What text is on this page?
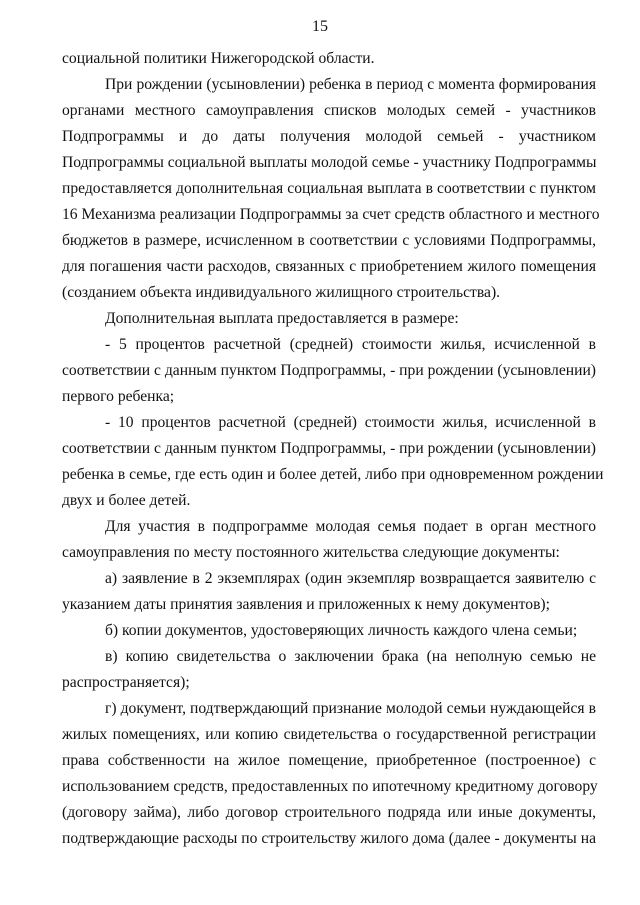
15
социальной политики Нижегородской области.
При рождении (усыновлении) ребенка в период с момента формирования
органами местного самоуправления списков молодых семей - участников
Подпрограммы и до даты получения молодой семьей - участником
Подпрограммы социальной выплаты молодой семье - участнику Подпрограммы
предоставляется дополнительная социальная выплата в соответствии с пунктом
16 Механизма реализации Подпрограммы за счет средств областного и местного
бюджетов в размере, исчисленном в соответствии с условиями Подпрограммы,
для погашения части расходов, связанных с приобретением жилого помещения
(созданием объекта индивидуального жилищного строительства).
Дополнительная выплата предоставляется в размере:
- 5 процентов расчетной (средней) стоимости жилья, исчисленной в
соответствии с данным пунктом Подпрограммы, - при рождении (усыновлении)
первого ребенка;
- 10 процентов расчетной (средней) стоимости жилья, исчисленной в
соответствии с данным пунктом Подпрограммы, - при рождении (усыновлении)
ребенка в семье, где есть один и более детей, либо при одновременном рождении
двух и более детей.
Для участия в подпрограмме молодая семья подает в орган местного
самоуправления по месту постоянного жительства следующие документы:
а) заявление в 2 экземплярах (один экземпляр возвращается заявителю с
указанием даты принятия заявления и приложенных к нему документов);
б) копии документов, удостоверяющих личность каждого члена семьи;
в) копию свидетельства о заключении брака (на неполную семью не
распространяется);
г) документ, подтверждающий признание молодой семьи нуждающейся в
жилых помещениях, или копию свидетельства о государственной регистрации
права собственности на жилое помещение, приобретенное (построенное) с
использованием средств, предоставленных по ипотечному кредитному договору
(договору займа), либо договор строительного подряда или иные документы,
подтверждающие расходы по строительству жилого дома (далее - документы на
